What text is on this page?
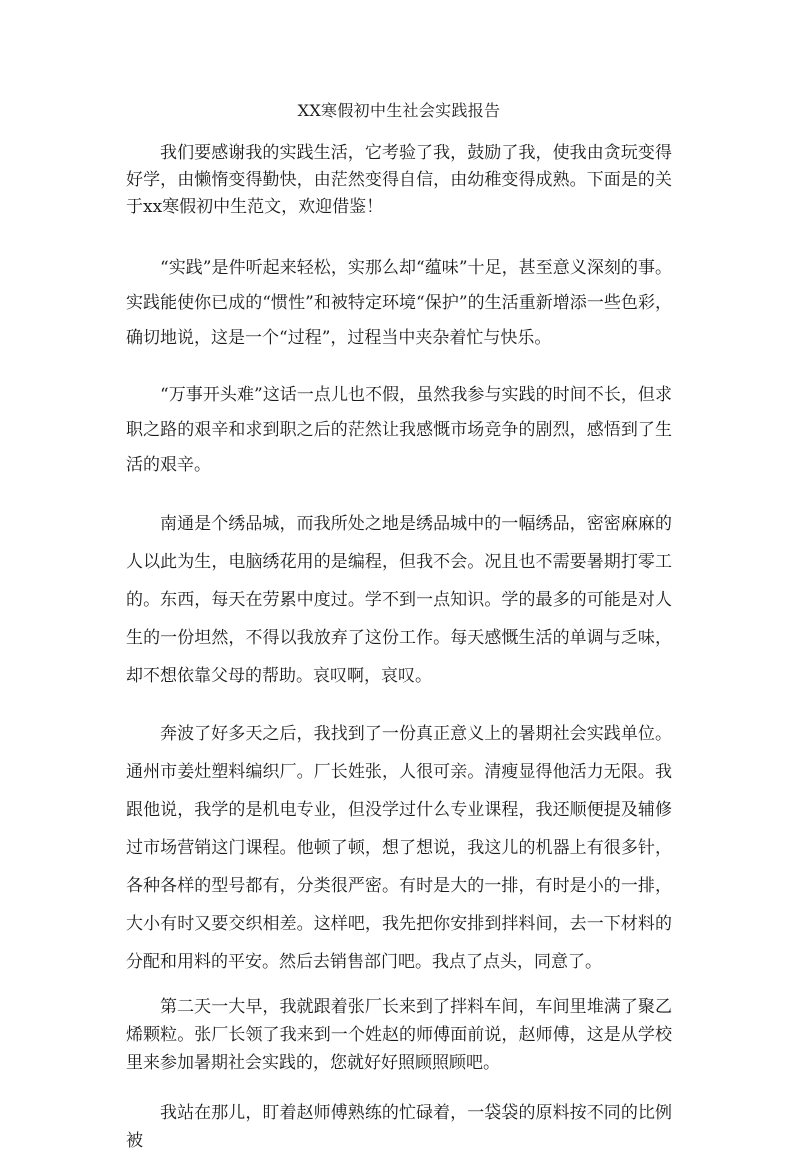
XX寒假初中生社会实践报告

我们要感谢我的实践生活，它考验了我，鼓励了我，使我由贪玩变得好学，由懒惰变得勤快，由茫然变得自信，由幼稚变得成熟。下面是的关于xx寒假初中生范文，欢迎借鉴！

“实践”是件听起来轻松，实那么却“蕴味”十足，甚至意义深刻的事。实践能使你已成的“惯性”和被特定环境“保护”的生活重新增添一些色彩，确切地说，这是一个“过程”，过程当中夹杂着忙与快乐。

“万事开头难”这话一点儿也不假，虽然我参与实践的时间不长，但求职之路的艰辛和求到职之后的茫然让我感慨市场竞争的剧烈，感悟到了生活的艰辛。

南通是个绣品城，而我所处之地是绣品城中的一幅绣品，密密麻麻的人以此为生，电脑绣花用的是编程，但我不会。况且也不需要暑期打零工的。东西，每天在劳累中度过。学不到一点知识。学的最多的可能是对人生的一份坦然，不得以我放弃了这份工作。每天感慨生活的单调与乏味，却不想依靠父母的帮助。哀叹啊，哀叹。

奔波了好多天之后，我找到了一份真正意义上的暑期社会实践单位。通州市姜灶塑料编织厂。厂长姓张，人很可亲。清瘦显得他活力无限。我跟他说，我学的是机电专业，但没学过什么专业课程，我还顺便提及辅修过市场营销这门课程。他顿了顿，想了想说，我这儿的机器上有很多针，各种各样的型号都有，分类很严密。有时是大的一排，有时是小的一排，大小有时又要交织相差。这样吧，我先把你安排到拌料间，去一下材料的分配和用料的平安。然后去销售部门吧。我点了点头，同意了。

第二天一大早，我就跟着张厂长来到了拌料车间，车间里堆满了聚乙烯颗粒。张厂长领了我来到一个姓赵的师傅面前说，赵师傅，这是从学校里来参加暑期社会实践的，您就好好照顾照顾吧。

我站在那儿，盯着赵师傅熟练的忙碌着，一袋袋的原料按不同的比例被
